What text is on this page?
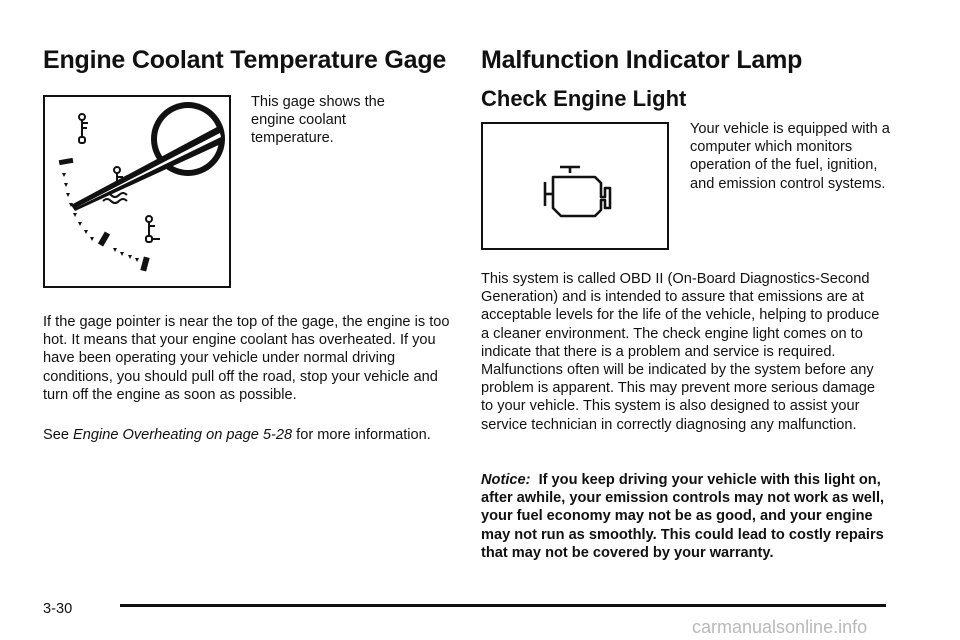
Engine Coolant Temperature Gage

This gage shows the engine coolant temperature.

If the gage pointer is near the top of the gage, the engine is too hot. It means that your engine coolant has overheated. If you have been operating your vehicle under normal driving conditions, you should pull off the road, stop your vehicle and turn off the engine as soon as possible.

See Engine Overheating on page 5-28 for more information.

Malfunction Indicator Lamp
Check Engine Light

Your vehicle is equipped with a computer which monitors operation of the fuel, ignition, and emission control systems.

This system is called OBD II (On-Board Diagnostics-Second Generation) and is intended to assure that emissions are at acceptable levels for the life of the vehicle, helping to produce a cleaner environment. The check engine light comes on to indicate that there is a problem and service is required. Malfunctions often will be indicated by the system before any problem is apparent. This may prevent more serious damage to your vehicle. This system is also designed to assist your service technician in correctly diagnosing any malfunction.

Notice: If you keep driving your vehicle with this light on, after awhile, your emission controls may not work as well, your fuel economy may not be as good, and your engine may not run as smoothly. This could lead to costly repairs that may not be covered by your warranty.

3-30
carmanualsonline.info
